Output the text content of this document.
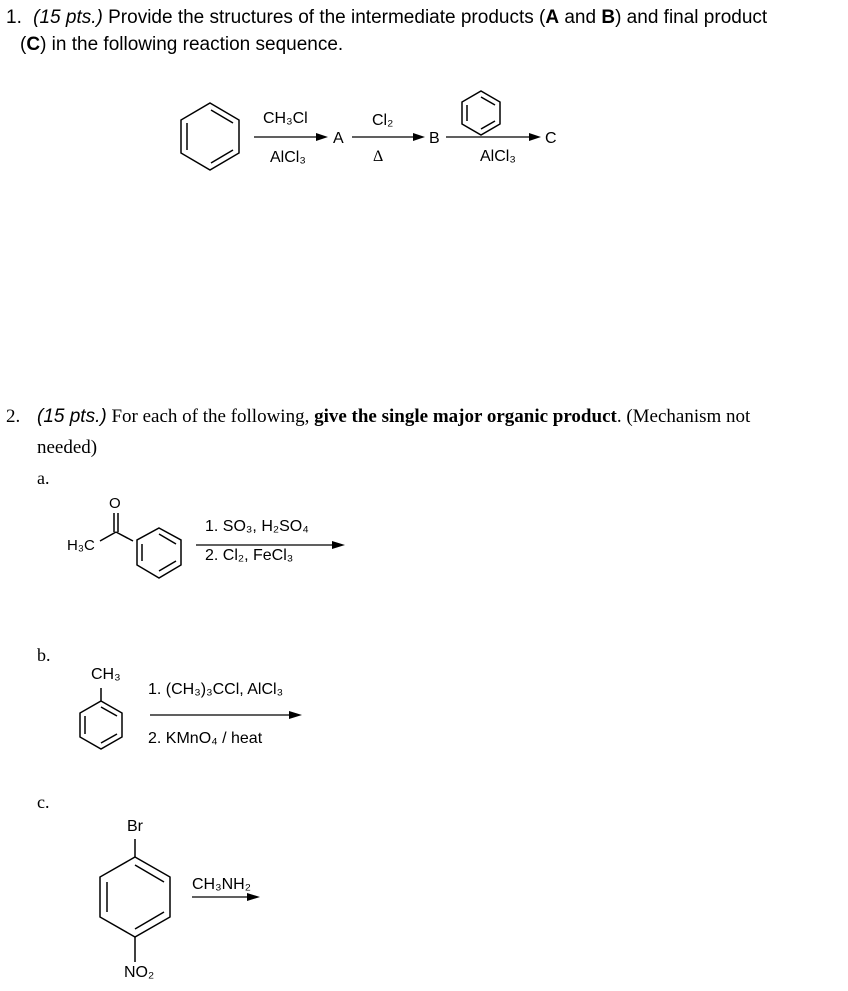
1. (15 pts.) Provide the structures of the intermediate products (A and B) and final product
(C) in the following reaction sequence.
CH₃Cl
AlCl₃
A
Cl₂
Δ
B
AlCl₃
C
2. (15 pts.) For each of the following, give the single major organic product. (Mechanism not
needed)
a.
b.
c.
O
H₃C
1. SO₃, H₂SO₄
2. Cl₂, FeCl₃
CH₃
1. (CH₃)₃CCl, AlCl₃
2. KMnO₄ / heat
Br
NO₂
CH₃NH₂
